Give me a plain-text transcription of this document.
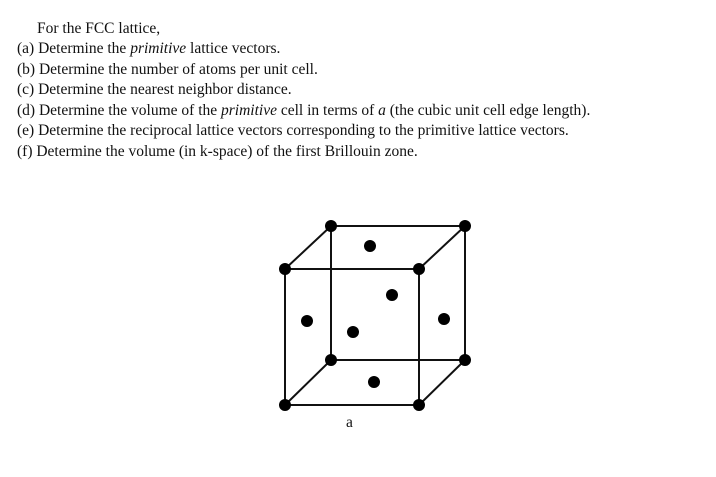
For the FCC lattice,
(a) Determine the primitive lattice vectors.
(b) Determine the number of atoms per unit cell.
(c) Determine the nearest neighbor distance.
(d) Determine the volume of the primitive cell in terms of a (the cubic unit cell edge length).
(e) Determine the reciprocal lattice vectors corresponding to the primitive lattice vectors.
(f) Determine the volume (in k-space) of the first Brillouin zone.
a
